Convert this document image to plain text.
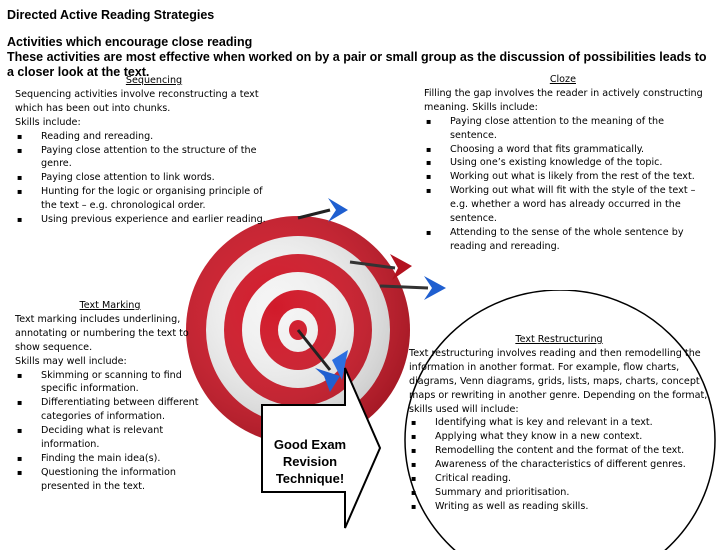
Directed Active Reading Strategies
Activities which encourage close reading
These activities are most effective when worked on by a pair or small group as the discussion of possibilities leads to a closer look at the text.
Good Exam Revision Technique!
Sequencing
Sequencing activities involve reconstructing a text which has been out into chunks.
Skills include:
▪ Reading and rereading.
▪ Paying close attention to the structure of the genre.
▪ Paying close attention to link words.
▪ Hunting for the logic or organising principle of the text – e.g. chronological order.
▪ Using previous experience and earlier reading.
Cloze
Filling the gap involves the reader in actively constructing meaning. Skills include:
▪ Paying close attention to the meaning of the sentence.
▪ Choosing a word that fits grammatically.
▪ Using one’s existing knowledge of the topic.
▪ Working out what is likely from the rest of the text.
▪ Working out what will fit with the style of the text – e.g. whether a word has already occurred in the sentence.
▪ Attending to the sense of the whole sentence by reading and rereading.
Text Marking
Text marking includes underlining, annotating or numbering the text to show sequence.
Skills may well include:
▪ Skimming or scanning to find specific information.
▪ Differentiating between different categories of information.
▪ Deciding what is relevant information.
▪ Finding the main idea(s).
▪ Questioning the information presented in the text.
Text Restructuring
Text restructuring involves reading and then remodelling the information in another format. For example, flow charts, diagrams, Venn diagrams, grids, lists, maps, charts, concept maps or rewriting in another genre. Depending on the format, skills used will include:
▪ Identifying what is key and relevant in a text.
▪ Applying what they know in a new context.
▪ Remodelling the content and the format of the text.
▪ Awareness of the characteristics of different genres.
▪ Critical reading.
▪ Summary and prioritisation.
▪ Writing as well as reading skills.
